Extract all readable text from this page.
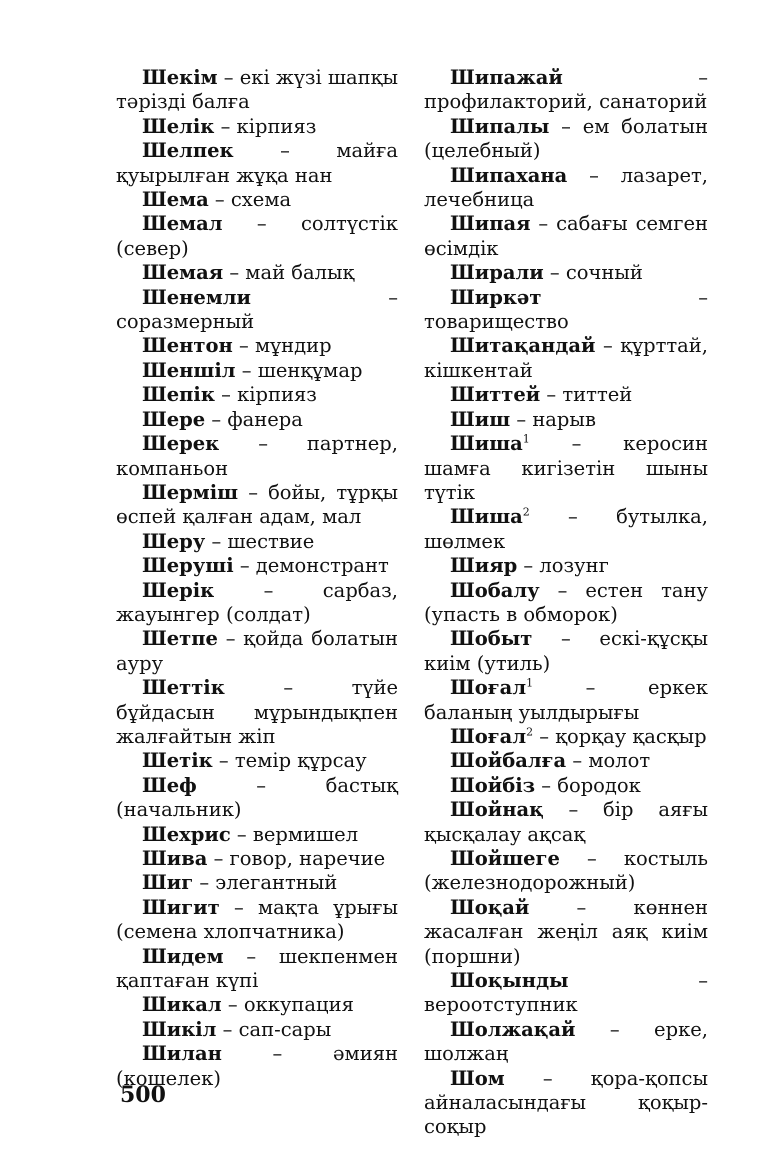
Шекім – екі жүзі шапқы тәрізді балға

Шелік – кірпияз

Шелпек – майға қуырылған жұқа нан

Шема – схема

Шемал – солтүстік (север)

Шемая – май балық

Шенемли – соразмерный

Шентон – мұндир

Шеншіл – шенқұмар

Шепік – кірпияз

Шере – фанера

Шерек – партнер, компаньон

Шерміш – бойы, тұрқы өспей қалған адам, мал

Шеру – шествие

Шеруші – демонстрант

Шерік – сарбаз, жауынгер (солдат)

Шетпе – қойда болатын ауру

Шеттік – түйе бұйдасын мұрындықпен жалғайтын жіп

Шетік – темір құрсау

Шеф – бастық (начальник)

Шехрис – вермишел

Шива – говор, наречие

Шиг – элегантный

Шигит – мақта ұрығы (семена хлопчатника)

Шидем – шекпенмен қаптаған күпі

Шикал – оккупация

Шикіл – сап-сары

Шилан – әмиян (кошелек)

Шипажай – профилакторий, санаторий

Шипалы – ем болатын (целебный)

Шипахана – лазарет, лечебница

Шипая – сабағы семген өсімдік

Ширали – сочный

Ширкәт – товарищество

Шитақандай – құрттай, кішкентай

Шиттей – титтей

Шиш – нарыв

Шиша$^1$ – керосин шамға кигізетін шыны түтік

Шиша$^2$ – бутылка, шөлмек

Шияр – лозунг

Шобалу – естен тану (упасть в обморок)

Шобыт – ескі-құсқы киім (утиль)

Шоғал$^1$ – еркек баланың уылдырығы

Шоғал$^2$ – қорқау қасқыр

Шойбалға – молот

Шойбіз – бородок

Шойнақ – бір аяғы қысқалау ақсақ

Шойшеге – костыль (железнодорожный)

Шоқай – көннен жасалған жеңіл аяқ киім (поршни)

Шоқынды – вероотступник

Шолжақай – ерке, шолжаң

Шом – қора-қопсы айналасындағы қоқыр-соқыр

500
